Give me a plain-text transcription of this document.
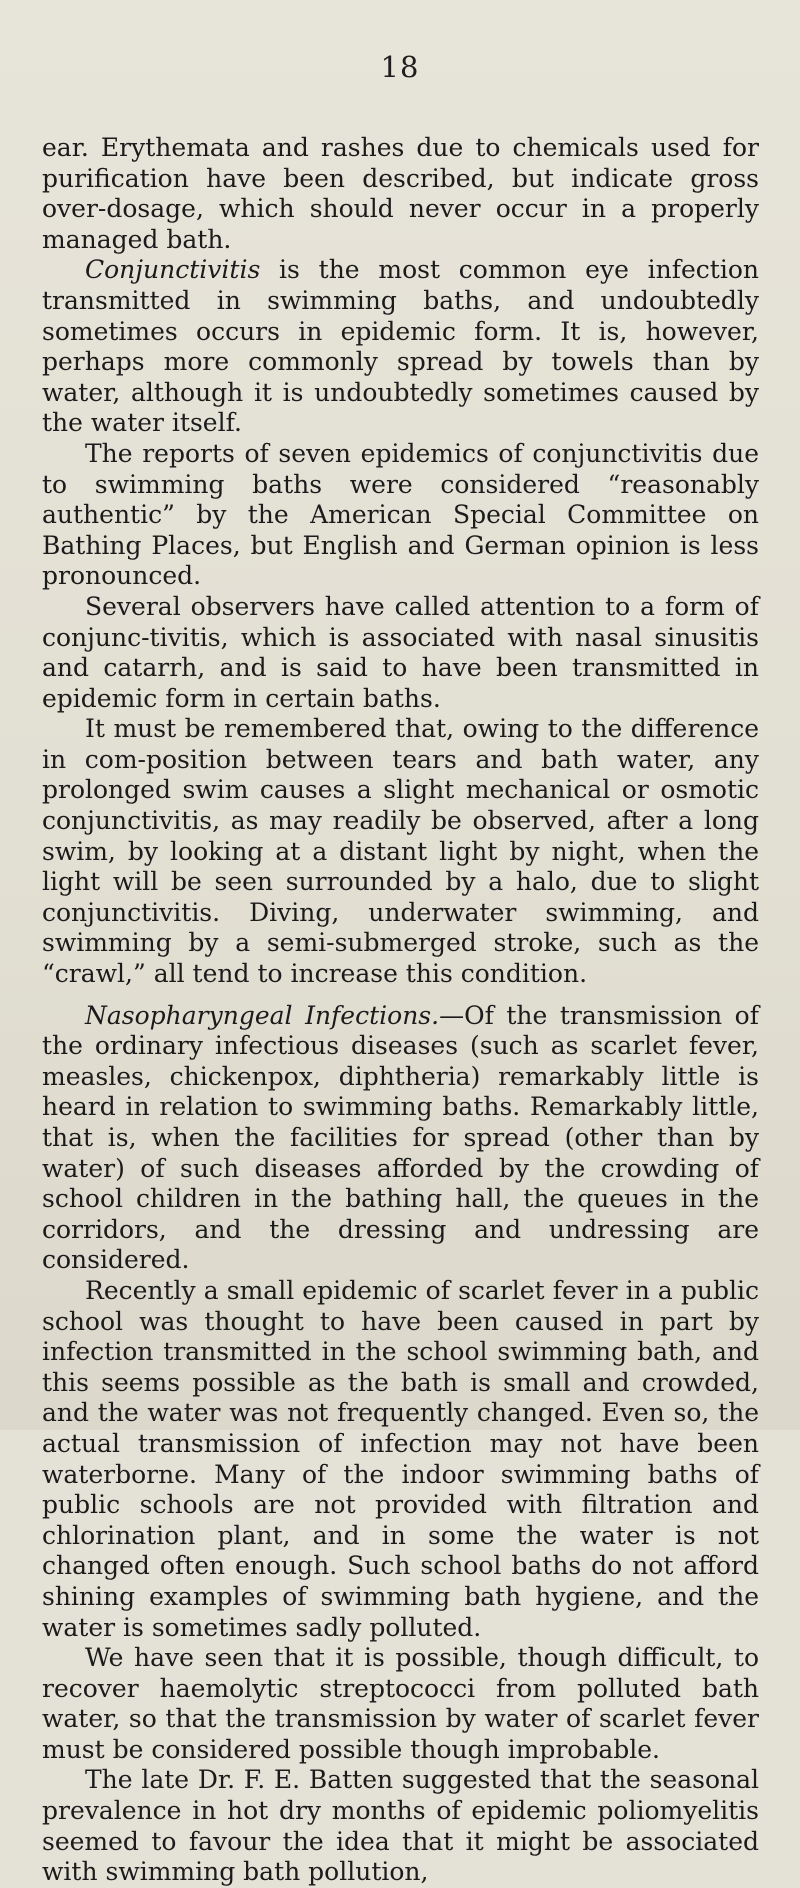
18

ear. Erythemata and rashes due to chemicals used for purification have been described, but indicate gross over-dosage, which should never occur in a properly managed bath.

Conjunctivitis is the most common eye infection transmitted in swimming baths, and undoubtedly sometimes occurs in epidemic form. It is, however, perhaps more commonly spread by towels than by water, although it is undoubtedly sometimes caused by the water itself.

The reports of seven epidemics of conjunctivitis due to swimming baths were considered “reasonably authentic” by the American Special Committee on Bathing Places, but English and German opinion is less pronounced.

Several observers have called attention to a form of conjunc-tivitis, which is associated with nasal sinusitis and catarrh, and is said to have been transmitted in epidemic form in certain baths.

It must be remembered that, owing to the difference in com-position between tears and bath water, any prolonged swim causes a slight mechanical or osmotic conjunctivitis, as may readily be observed, after a long swim, by looking at a distant light by night, when the light will be seen surrounded by a halo, due to slight conjunctivitis. Diving, underwater swimming, and swimming by a semi-submerged stroke, such as the “crawl,” all tend to increase this condition.

Nasopharyngeal Infections.—Of the transmission of the ordinary infectious diseases (such as scarlet fever, measles, chickenpox, diphtheria) remarkably little is heard in relation to swimming baths. Remarkably little, that is, when the facilities for spread (other than by water) of such diseases afforded by the crowding of school children in the bathing hall, the queues in the corridors, and the dressing and undressing are considered.

Recently a small epidemic of scarlet fever in a public school was thought to have been caused in part by infection transmitted in the school swimming bath, and this seems possible as the bath is small and crowded, and the water was not frequently changed. Even so, the actual transmission of infection may not have been waterborne. Many of the indoor swimming baths of public schools are not provided with filtration and chlorination plant, and in some the water is not changed often enough. Such school baths do not afford shining examples of swimming bath hygiene, and the water is sometimes sadly polluted.

We have seen that it is possible, though difficult, to recover haemolytic streptococci from polluted bath water, so that the transmission by water of scarlet fever must be considered possible though improbable.

The late Dr. F. E. Batten suggested that the seasonal prevalence in hot dry months of epidemic poliomyelitis seemed to favour the idea that it might be associated with swimming bath pollution,
